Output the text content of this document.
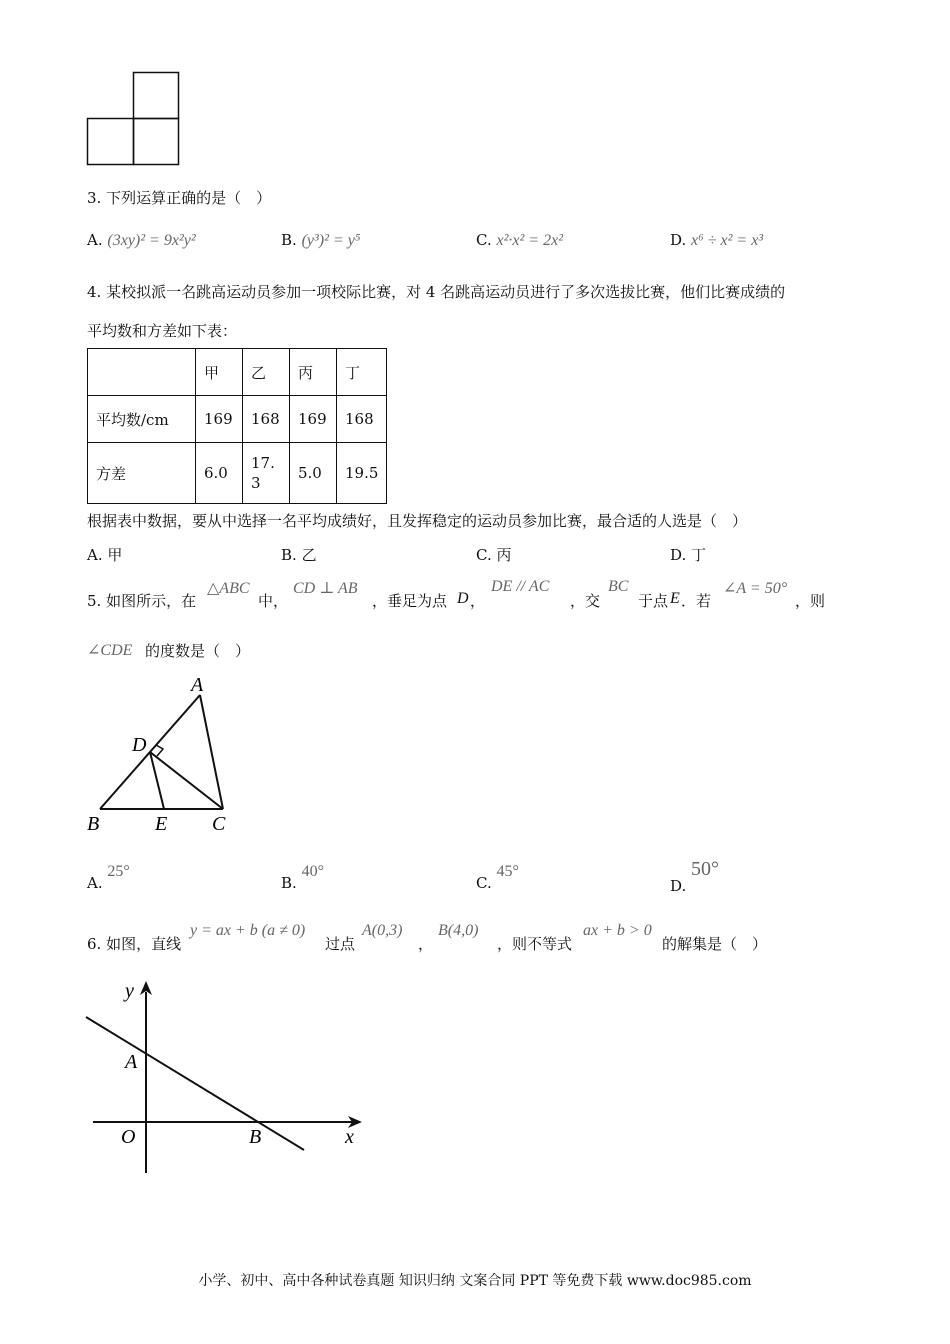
3. 下列运算正确的是（　）
A. (3xy)² = 9x²y²	B. (y³)² = y⁵	C. x²·x² = 2x²	D. x⁶ ÷ x² = x³
4. 某校拟派一名跳高运动员参加一项校际比赛，对 4 名跳高运动员进行了多次选拔比赛，他们比赛成绩的
平均数和方差如下表：
	甲	乙	丙	丁
平均数/cm	169	168	169	168
方差	6.0	17.3	5.0	19.5
根据表中数据，要从中选择一名平均成绩好，且发挥稳定的运动员参加比赛，最合适的人选是（　）
A. 甲	B. 乙	C. 丙	D. 丁
5. 如图所示，在
△ABC
中，
CD ⊥ AB
，垂足为点 D ，
DE // AC
，交
BC
于点 E ．若
∠A = 50°
，则
∠CDE 的度数是（　）
A
D
B	E C
A. 25°
B. 40°
C. 45°
D. 50°
6. 如图，直线
y = ax + b (a ≠ 0)
过点
A(0,3)
，
B(4,0)
，则不等式
ax + b > 0
的解集是（　）
y
A
O	B	x
小学、初中、高中各种试卷真题 知识归纳 文案合同 PPT 等免费下载 www.doc985.com
